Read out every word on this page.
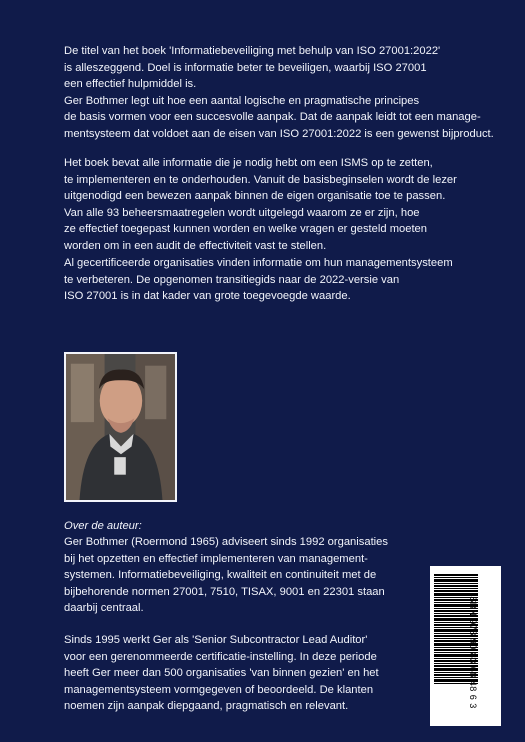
De titel van het boek 'Informatiebeveiliging met behulp van ISO 27001:2022'

is alleszeggend. Doel is informatie beter te beveiligen, waarbij ISO 27001

een effectief hulpmiddel is.

Ger Bothmer legt uit hoe een aantal logische en pragmatische principes

de basis vormen voor een succesvolle aanpak. Dat de aanpak leidt tot een manage-

mentsysteem dat voldoet aan de eisen van ISO 27001:2022 is een gewenst bijproduct.

Het boek bevat alle informatie die je nodig hebt om een ISMS op te zetten,

te implementeren en te onderhouden. Vanuit de basisbeginselen wordt de lezer

uitgenodigd een bewezen aanpak binnen de eigen organisatie toe te passen.

Van alle 93 beheersmaatregelen wordt uitgelegd waarom ze er zijn, hoe

ze effectief toegepast kunnen worden en welke vragen er gesteld moeten

worden om in een audit de effectiviteit vast te stellen.

Al gecertificeerde organisaties vinden informatie om hun managementsysteem

te verbeteren. De opgenomen transitiegids naar de 2022-versie van

ISO 27001 is in dat kader van grote toegevoegde waarde.

Over de auteur:

Ger Bothmer (Roermond 1965) adviseert sinds 1992 organisaties

bij het opzetten en effectief implementeren van management-

systemen. Informatiebeveiliging, kwaliteit en continuiteit met de

bijbehorende normen 27001, 7510, TISAX, 9001 en 22301 staan

daarbij centraal.

Sinds 1995 werkt Ger als 'Senior Subcontractor Lead Auditor'

voor een gerenommeerde certificatie-instelling. In deze periode

heeft Ger meer dan 500 organisaties 'van binnen gezien' en het

managementsysteem vormgegeven of beoordeeld. De klanten

noemen zijn aanpak diepgaand, pragmatisch en relevant.	ISBN 978 90 83 68 48 6 3
